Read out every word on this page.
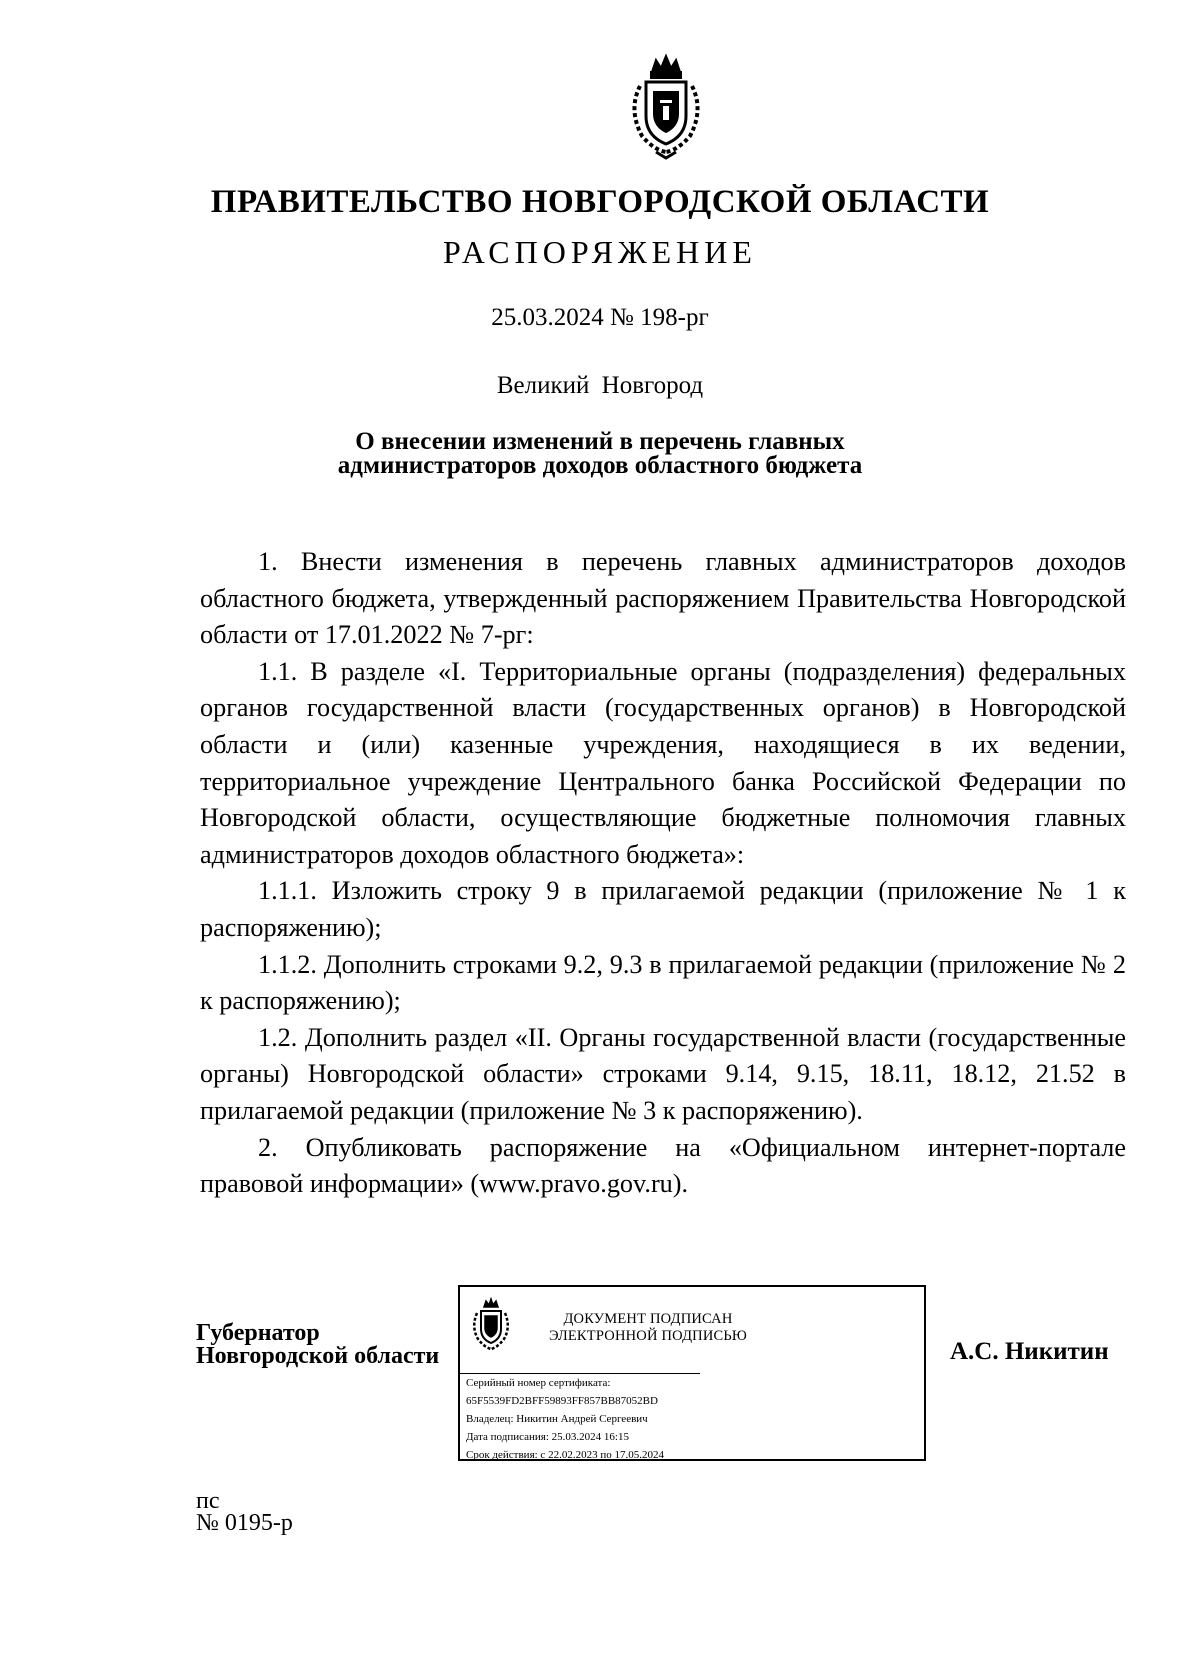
ПРАВИТЕЛЬСТВО НОВГОРОДСКОЙ ОБЛАСТИ
РАСПОРЯЖЕНИЕ
25.03.2024 № 198-рг
Великий Новгород
О внесении изменений в перечень главных
администраторов доходов областного бюджета

1. Внести изменения в перечень главных администраторов доходов областного бюджета, утвержденный распоряжением Правительства Новгородской области от 17.01.2022 № 7-рг:

1.1. В разделе «I. Территориальные органы (подразделения) федеральных органов государственной власти (государственных органов) в Новгородской области и (или) казенные учреждения, находящиеся в их ведении, территориальное учреждение Центрального банка Российской Федерации по Новгородской области, осуществляющие бюджетные полномочия главных администраторов доходов областного бюджета»:

1.1.1. Изложить строку 9 в прилагаемой редакции (приложение № 1 к распоряжению);

1.1.2. Дополнить строками 9.2, 9.3 в прилагаемой редакции (приложение № 2 к распоряжению);

1.2. Дополнить раздел «II. Органы государственной власти (государственные органы) Новгородской области» строками 9.14, 9.15, 18.11, 18.12, 21.52 в прилагаемой редакции (приложение № 3 к распоряжению).

2. Опубликовать распоряжение на «Официальном интернет-портале правовой информации» (www.pravo.gov.ru).

Губернатор
Новгородской области
ДОКУМЕНТ ПОДПИСАН
ЭЛЕКТРОННОЙ ПОДПИСЬЮ
Серийный номер сертификата:
65F5539FD2BFF59893FF857BB87052BD
Владелец: Никитин Андрей Сергеевич
Дата подписания: 25.03.2024 16:15
Срок действия: с 22.02.2023 по 17.05.2024
А.С. Никитин
пс
№ 0195-р
